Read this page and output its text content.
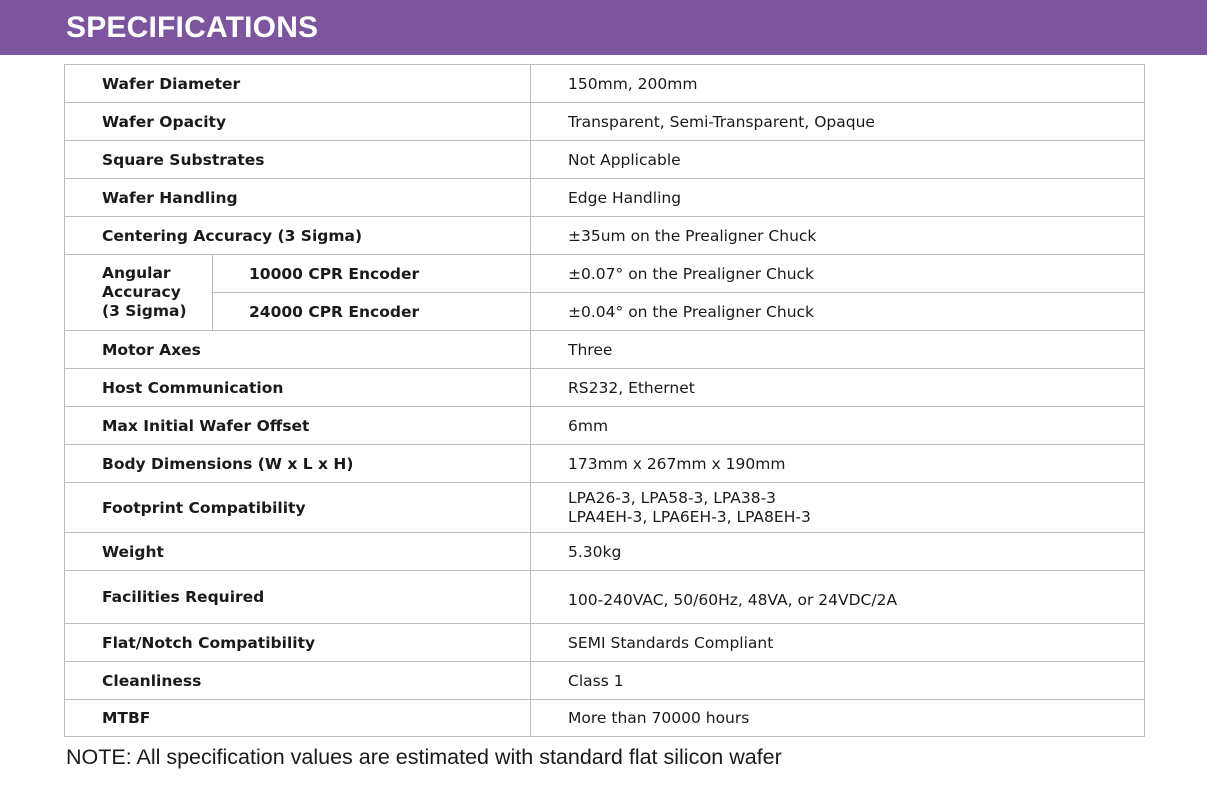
SPECIFICATIONS
Wafer Diameter		150mm, 200mm
Wafer Opacity		Transparent, Semi-Transparent, Opaque
Square Substrates		Not Applicable
Wafer Handling		Edge Handling
Centering Accuracy (3 Sigma)		±35um on the Prealigner Chuck

Angular
Accuracy
(3 Sigma)	10000 CPR Encoder	±0.07° on the Prealigner Chuck
	24000 CPR Encoder	±0.04° on the Prealigner Chuck
Motor Axes		Three
Host Communication		RS232, Ethernet
Max Initial Wafer Offset		6mm
Body Dimensions (W x L x H)		173mm x 267mm x 190mm
Footprint Compatibility		LPA26-3, LPA58-3, LPA38-3
LPA4EH-3, LPA6EH-3, LPA8EH-3

Weight		5.30kg
Facilities Required		100-240VAC, 50/60Hz, 48VA, or 24VDC/2A
Flat/Notch Compatibility		SEMI Standards Compliant
Cleanliness		Class 1
MTBF		More than 70000 hours
NOTE: All specification values are estimated with standard flat silicon wafer
